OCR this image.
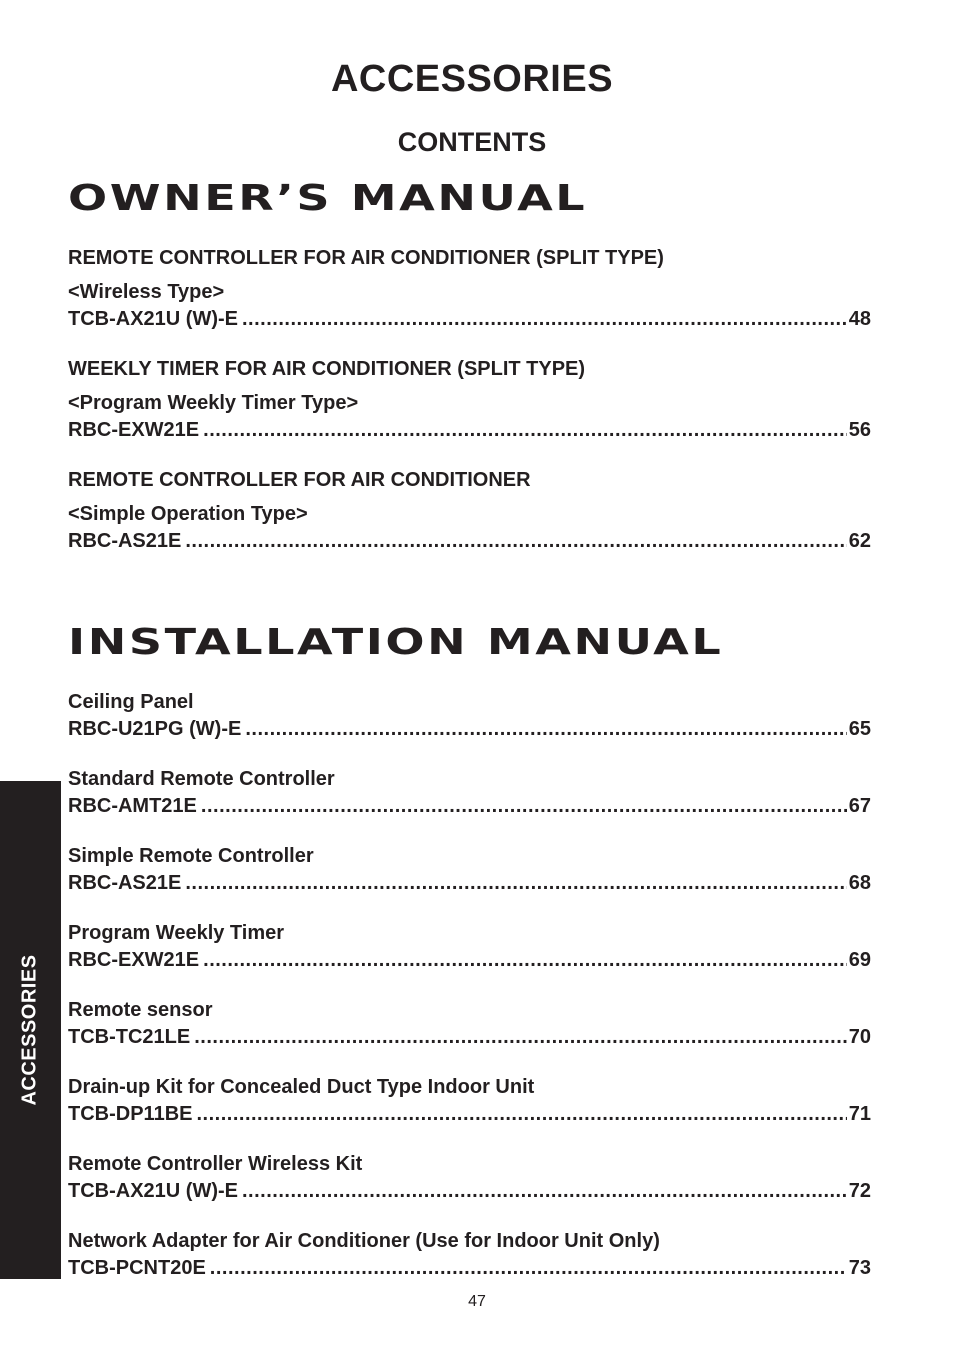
ACCESSORIES
CONTENTS
OWNER’S MANUAL
REMOTE CONTROLLER FOR AIR CONDITIONER (SPLIT TYPE)
<Wireless Type>
TCB-AX21U (W)-E .....	48
WEEKLY TIMER FOR AIR CONDITIONER (SPLIT TYPE)
<Program Weekly Timer Type>
RBC-EXW21E .....	56
REMOTE CONTROLLER FOR AIR CONDITIONER
<Simple Operation Type>
RBC-AS21E .....	62
INSTALLATION MANUAL
Ceiling Panel
RBC-U21PG (W)-E .....	65
Standard Remote Controller
RBC-AMT21E .....	67
Simple Remote Controller
RBC-AS21E .....	68
Program Weekly Timer
RBC-EXW21E .....	69
Remote sensor
TCB-TC21LE .....	70
Drain-up Kit for Concealed Duct Type Indoor Unit
TCB-DP11BE .....	71
Remote Controller Wireless Kit
TCB-AX21U (W)-E .....	72
Network Adapter for Air Conditioner (Use for Indoor Unit Only)
TCB-PCNT20E .....	73
ACCESSORIES
47
